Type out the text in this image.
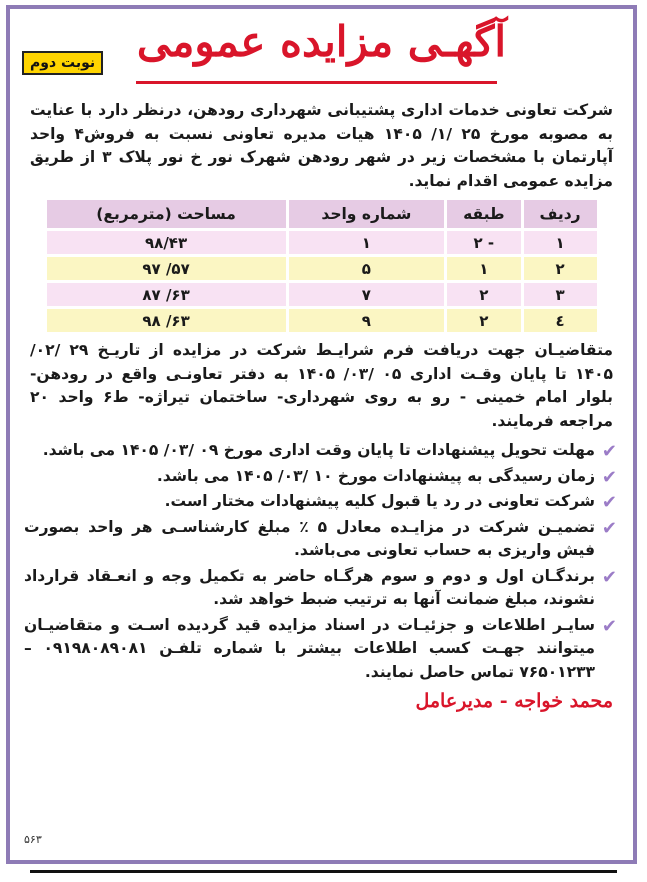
آگهـی مزایده عمومی
نوبت دوم

شرکت تعاونی خدمات اداری پشتیبانی شهرداری رودهن، درنظر دارد با عنایت به مصوبه مورخ ۲۵ /۱/ ۱۴۰۵ هیات مدیره تعاونی نسبت به فروش۴ واحد آپارتمان با مشخصات زیر در شهر رودهن شهرک نور خ نور پلاک ۳ از طریق مزایده عمومی اقدام نماید.

ردیف	طبقه	شماره واحد	مساحت (مترمربع)
۱	- ۲	۱	۹۸/۴۳
۲	۱	۵	۵۷/ ۹۷
۳	۲	۷	۶۳/ ۸۷
٤	۲	۹	۶۳/ ۹۸

متقاضیـان جهت دریافت فرم شرایـط شرکت در مزایده از تاریـخ ۲۹ /۰۲/ ۱۴۰۵ تا پایان وقـت اداری ۰۵ /۰۳/ ۱۴۰۵ به دفتر تعاونـی واقع در رودهن- بلوار امام خمینی - رو به روی شهرداری- ساختمان تیراژه- ط۶ واحد ۲۰ مراجعه فرمایند.

✔
مهلت تحویل پیشنهادات تا پایان وقت اداری مورخ ۰۹ /۰۳/ ۱۴۰۵ می باشد.
✔
زمان رسیدگی به پیشنهادات مورخ ۱۰ /۰۳/ ۱۴۰۵ می باشد.
✔
شرکت تعاونی در رد یا قبول کلیه پیشنهادات مختار است.
✔
تضمیـن شرکت در مزایـده معادل ۵ ٪ مبلغ کارشناسـی هر واحد بصورت فیش واریزی به حساب تعاونی می‌باشد.
✔
برندگـان اول و دوم و سوم هرگـاه حاضر به تکمیل وجه و انعـقاد قرارداد نشوند، مبلغ ضمانت آنها به ترتیب ضبط خواهد شد.
✔
سایـر اطلاعات و جزئیـات در اسناد مزایده قید گردیده اسـت و متقاضیـان میتوانند جهـت کسب اطلاعات بیشتر با شماره تلفـن ۰۹۱۹۸۰۸۹۰۸۱ – ۷۶۵۰۱۲۳۳ تماس حاصل نمایند.
محمد خواجه - مدیرعامل
۵۶۳
